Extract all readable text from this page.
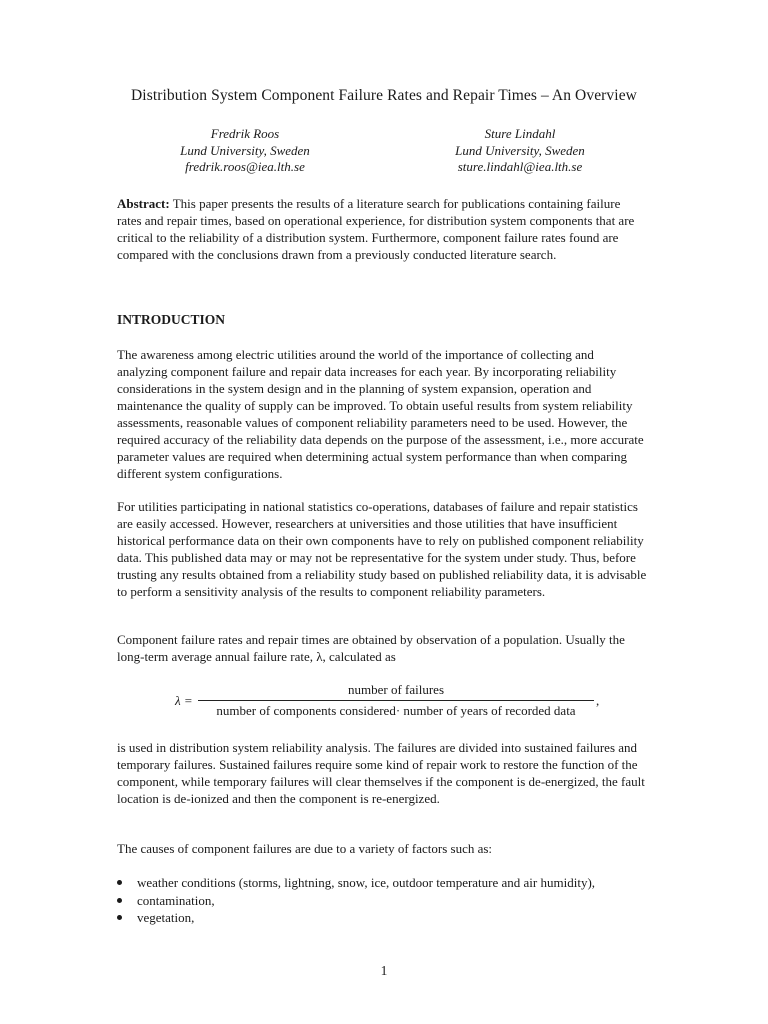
Distribution System Component Failure Rates and Repair Times – An Overview
Fredrik Roos
Lund University, Sweden
fredrik.roos@iea.lth.se
Sture Lindahl
Lund University, Sweden
sture.lindahl@iea.lth.se

Abstract: This paper presents the results of a literature search for publications containing failure rates and repair times, based on operational experience, for distribution system components that are critical to the reliability of a distribution system. Furthermore, component failure rates found are compared with the conclusions drawn from a previously conducted literature search.

INTRODUCTION

The awareness among electric utilities around the world of the importance of collecting and analyzing component failure and repair data increases for each year. By incorporating reliability considerations in the system design and in the planning of system expansion, operation and maintenance the quality of supply can be improved. To obtain useful results from system reliability assessments, reasonable values of component reliability parameters need to be used. However, the required accuracy of the reliability data depends on the purpose of the assessment, i.e., more accurate parameter values are required when determining actual system performance than when comparing different system configurations.

For utilities participating in national statistics co-operations, databases of failure and repair statistics are easily accessed. However, researchers at universities and those utilities that have insufficient historical performance data on their own components have to rely on published component reliability data. This published data may or may not be representative for the system under study. Thus, before trusting any results obtained from a reliability study based on published reliability data, it is advisable to perform a sensitivity analysis of the results to component reliability parameters.

Component failure rates and repair times are obtained by observation of a population. Usually the long-term average annual failure rate, λ, calculated as

λ =
number of failures
number of components considered· number of years of recorded data
,

is used in distribution system reliability analysis. The failures are divided into sustained failures and temporary failures. Sustained failures require some kind of repair work to restore the function of the component, while temporary failures will clear themselves if the component is de-energized, the fault location is de-ionized and then the component is re-energized.

The causes of component failures are due to a variety of factors such as:

weather conditions (storms, lightning, snow, ice, outdoor temperature and air humidity),
contamination,
vegetation,
1
